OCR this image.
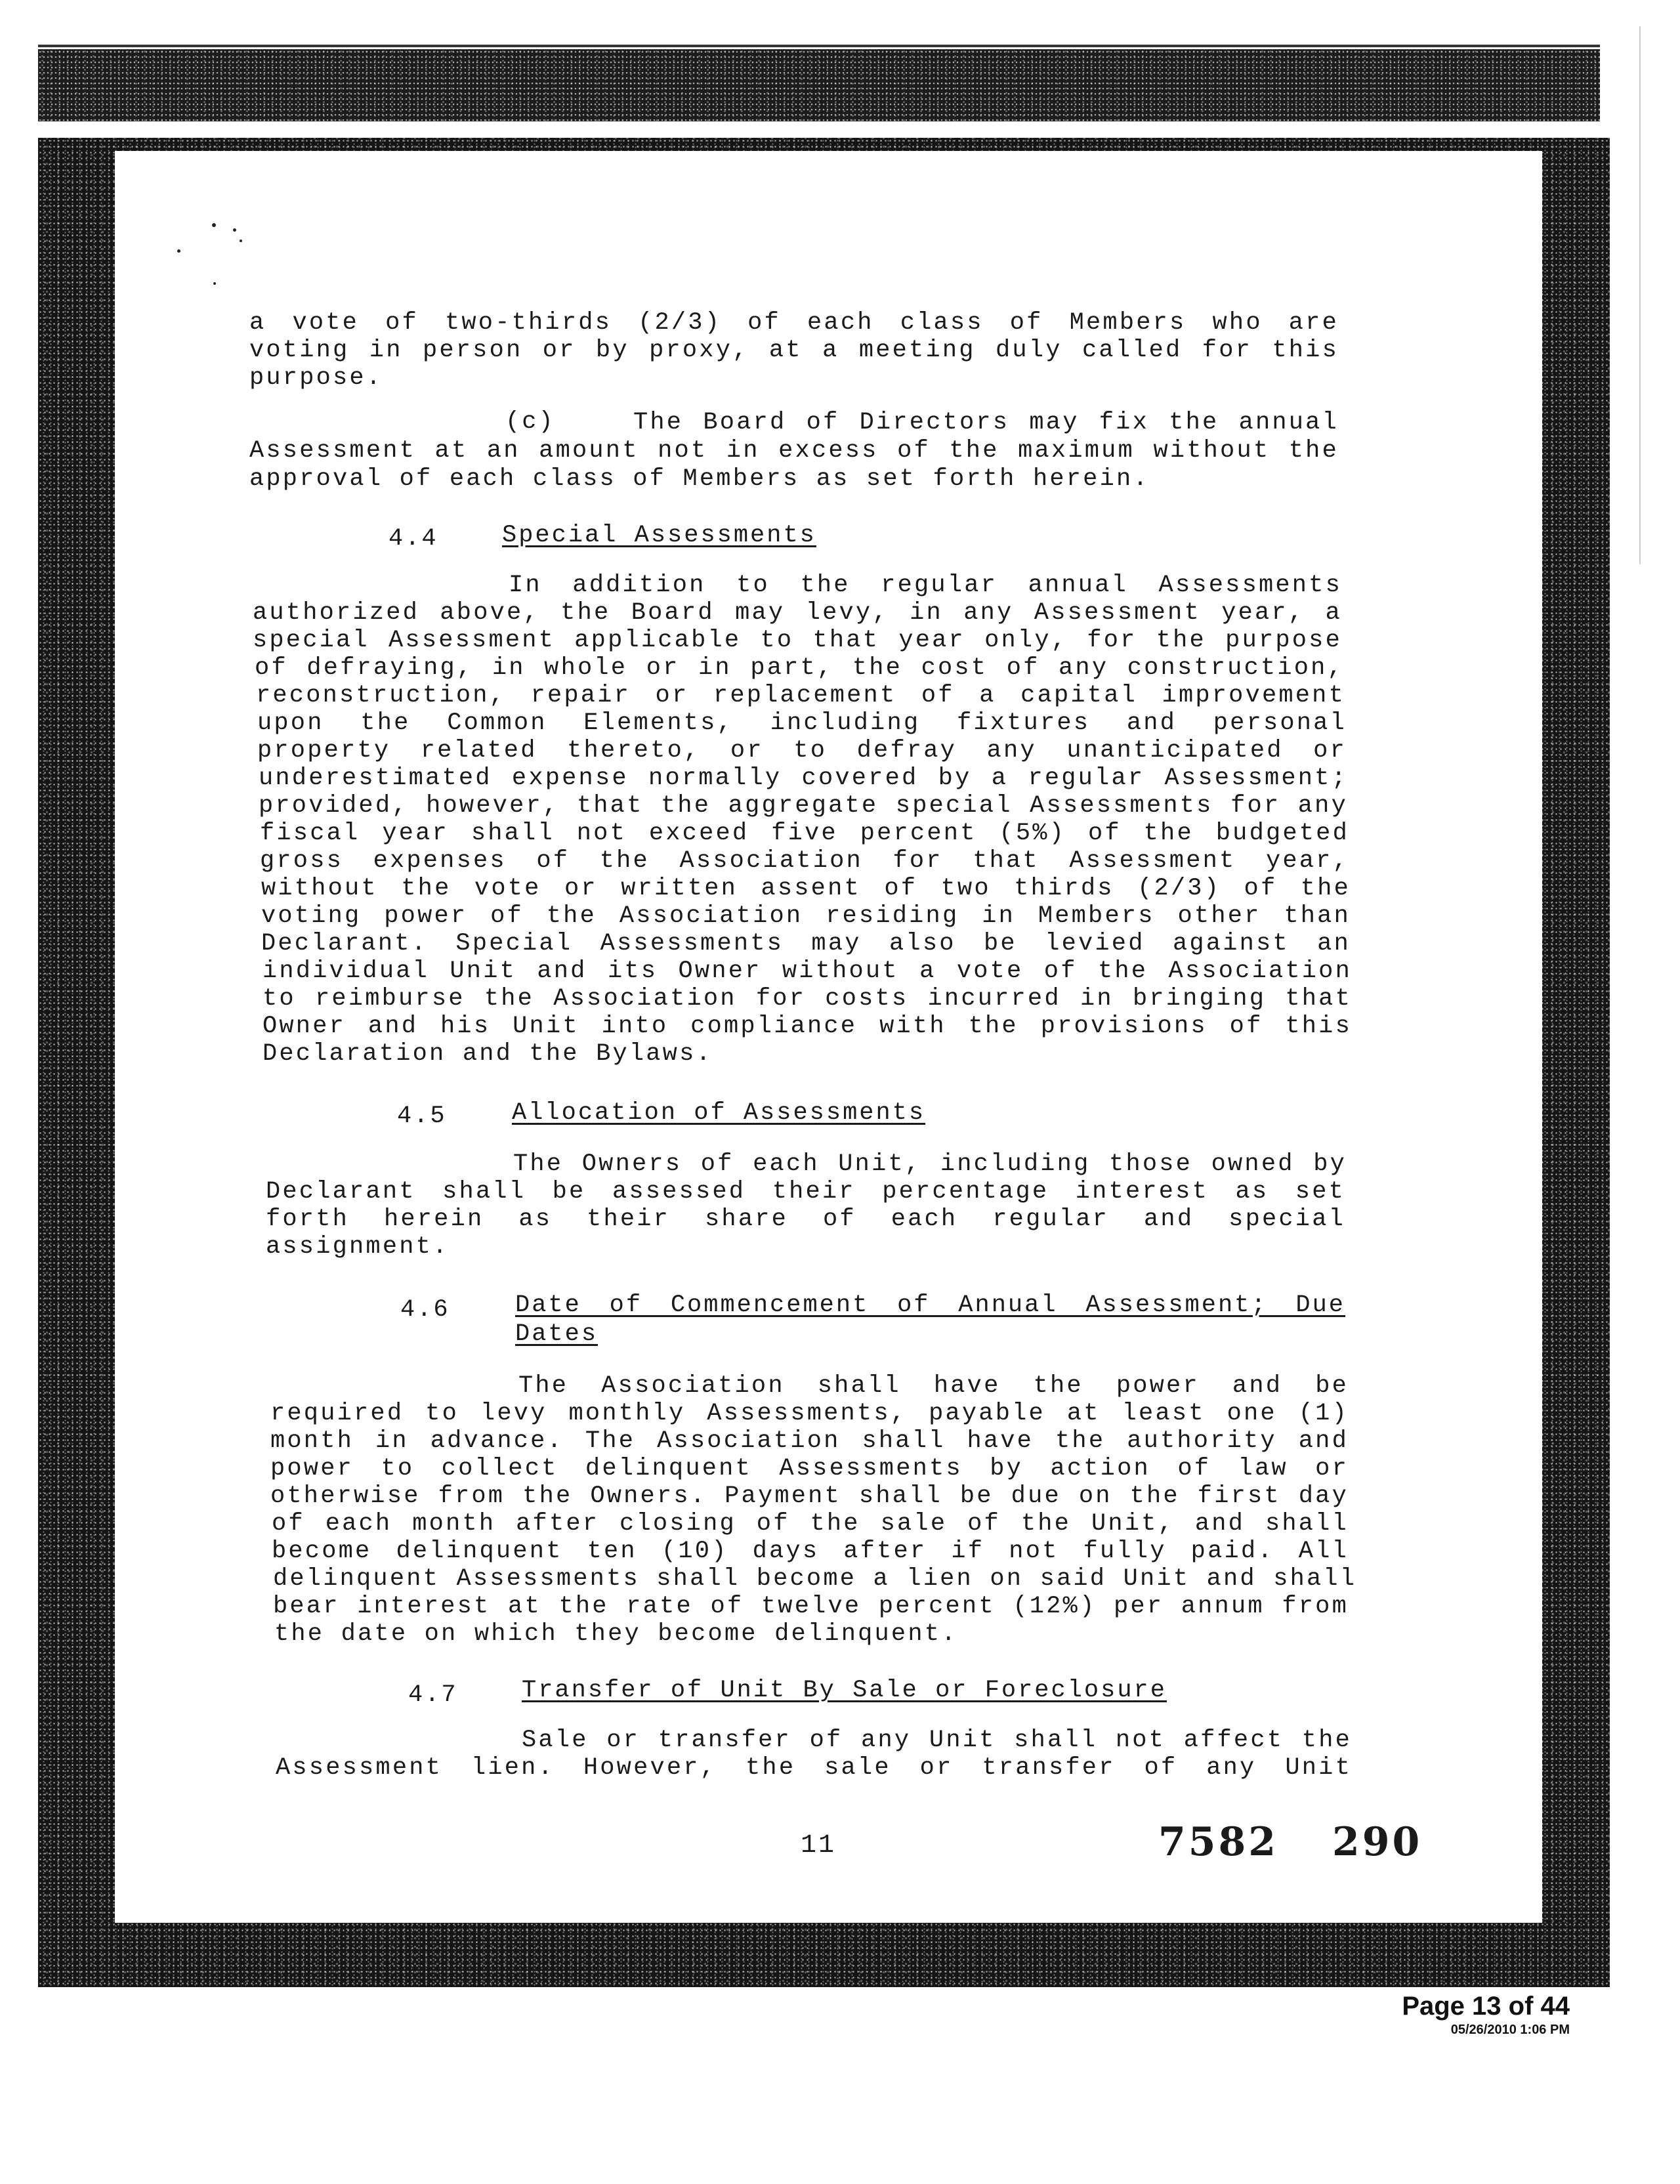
a vote of two-thirds (2/3) of each class of Members who are
voting in person or by proxy, at a meeting duly called for this
purpose.
(c)	The Board of Directors may fix the annual
Assessment at an amount not in excess of the maximum without the
approval of each class of Members as set forth herein.
4.4	Special Assessments
In addition to the regular annual Assessments
authorized above, the Board may levy, in any Assessment year, a
special Assessment applicable to that year only, for the purpose
of defraying, in whole or in part, the cost of any construction,
reconstruction, repair or replacement of a capital improvement
upon the Common Elements, including fixtures and personal
property related thereto, or to defray any unanticipated or
underestimated expense normally covered by a regular Assessment;
provided, however, that the aggregate special Assessments for any
fiscal year shall not exceed five percent (5%) of the budgeted
gross expenses of the Association for that Assessment year,
without the vote or written assent of two thirds (2/3) of the
voting power of the Association residing in Members other than
Declarant. Special Assessments may also be levied against an
individual Unit and its Owner without a vote of the Association
to reimburse the Association for costs incurred in bringing that
Owner and his Unit into compliance with the provisions of this
Declaration and the Bylaws.
4.5	Allocation of Assessments
The Owners of each Unit, including those owned by
Declarant shall be assessed their percentage interest as set
forth herein as their share of each regular and special
assignment.
4.6	Date of Commencement of Annual Assessment; Due
Dates
The Association shall have the power and be
required to levy monthly Assessments, payable at least one (1)
month in advance. The Association shall have the authority and
power to collect delinquent Assessments by action of law or
otherwise from the Owners. Payment shall be due on the first day
of each month after closing of the sale of the Unit, and shall
become delinquent ten (10) days after if not fully paid. All
delinquent Assessments shall become a lien on said Unit and shall
bear interest at the rate of twelve percent (12%) per annum from
the date on which they become delinquent.
4.7	Transfer of Unit By Sale or Foreclosure
Sale or transfer of any Unit shall not affect the
Assessment lien. However, the sale or transfer of any Unit
11	7582 290
Page 13 of 44
05/26/2010 1:06 PM
